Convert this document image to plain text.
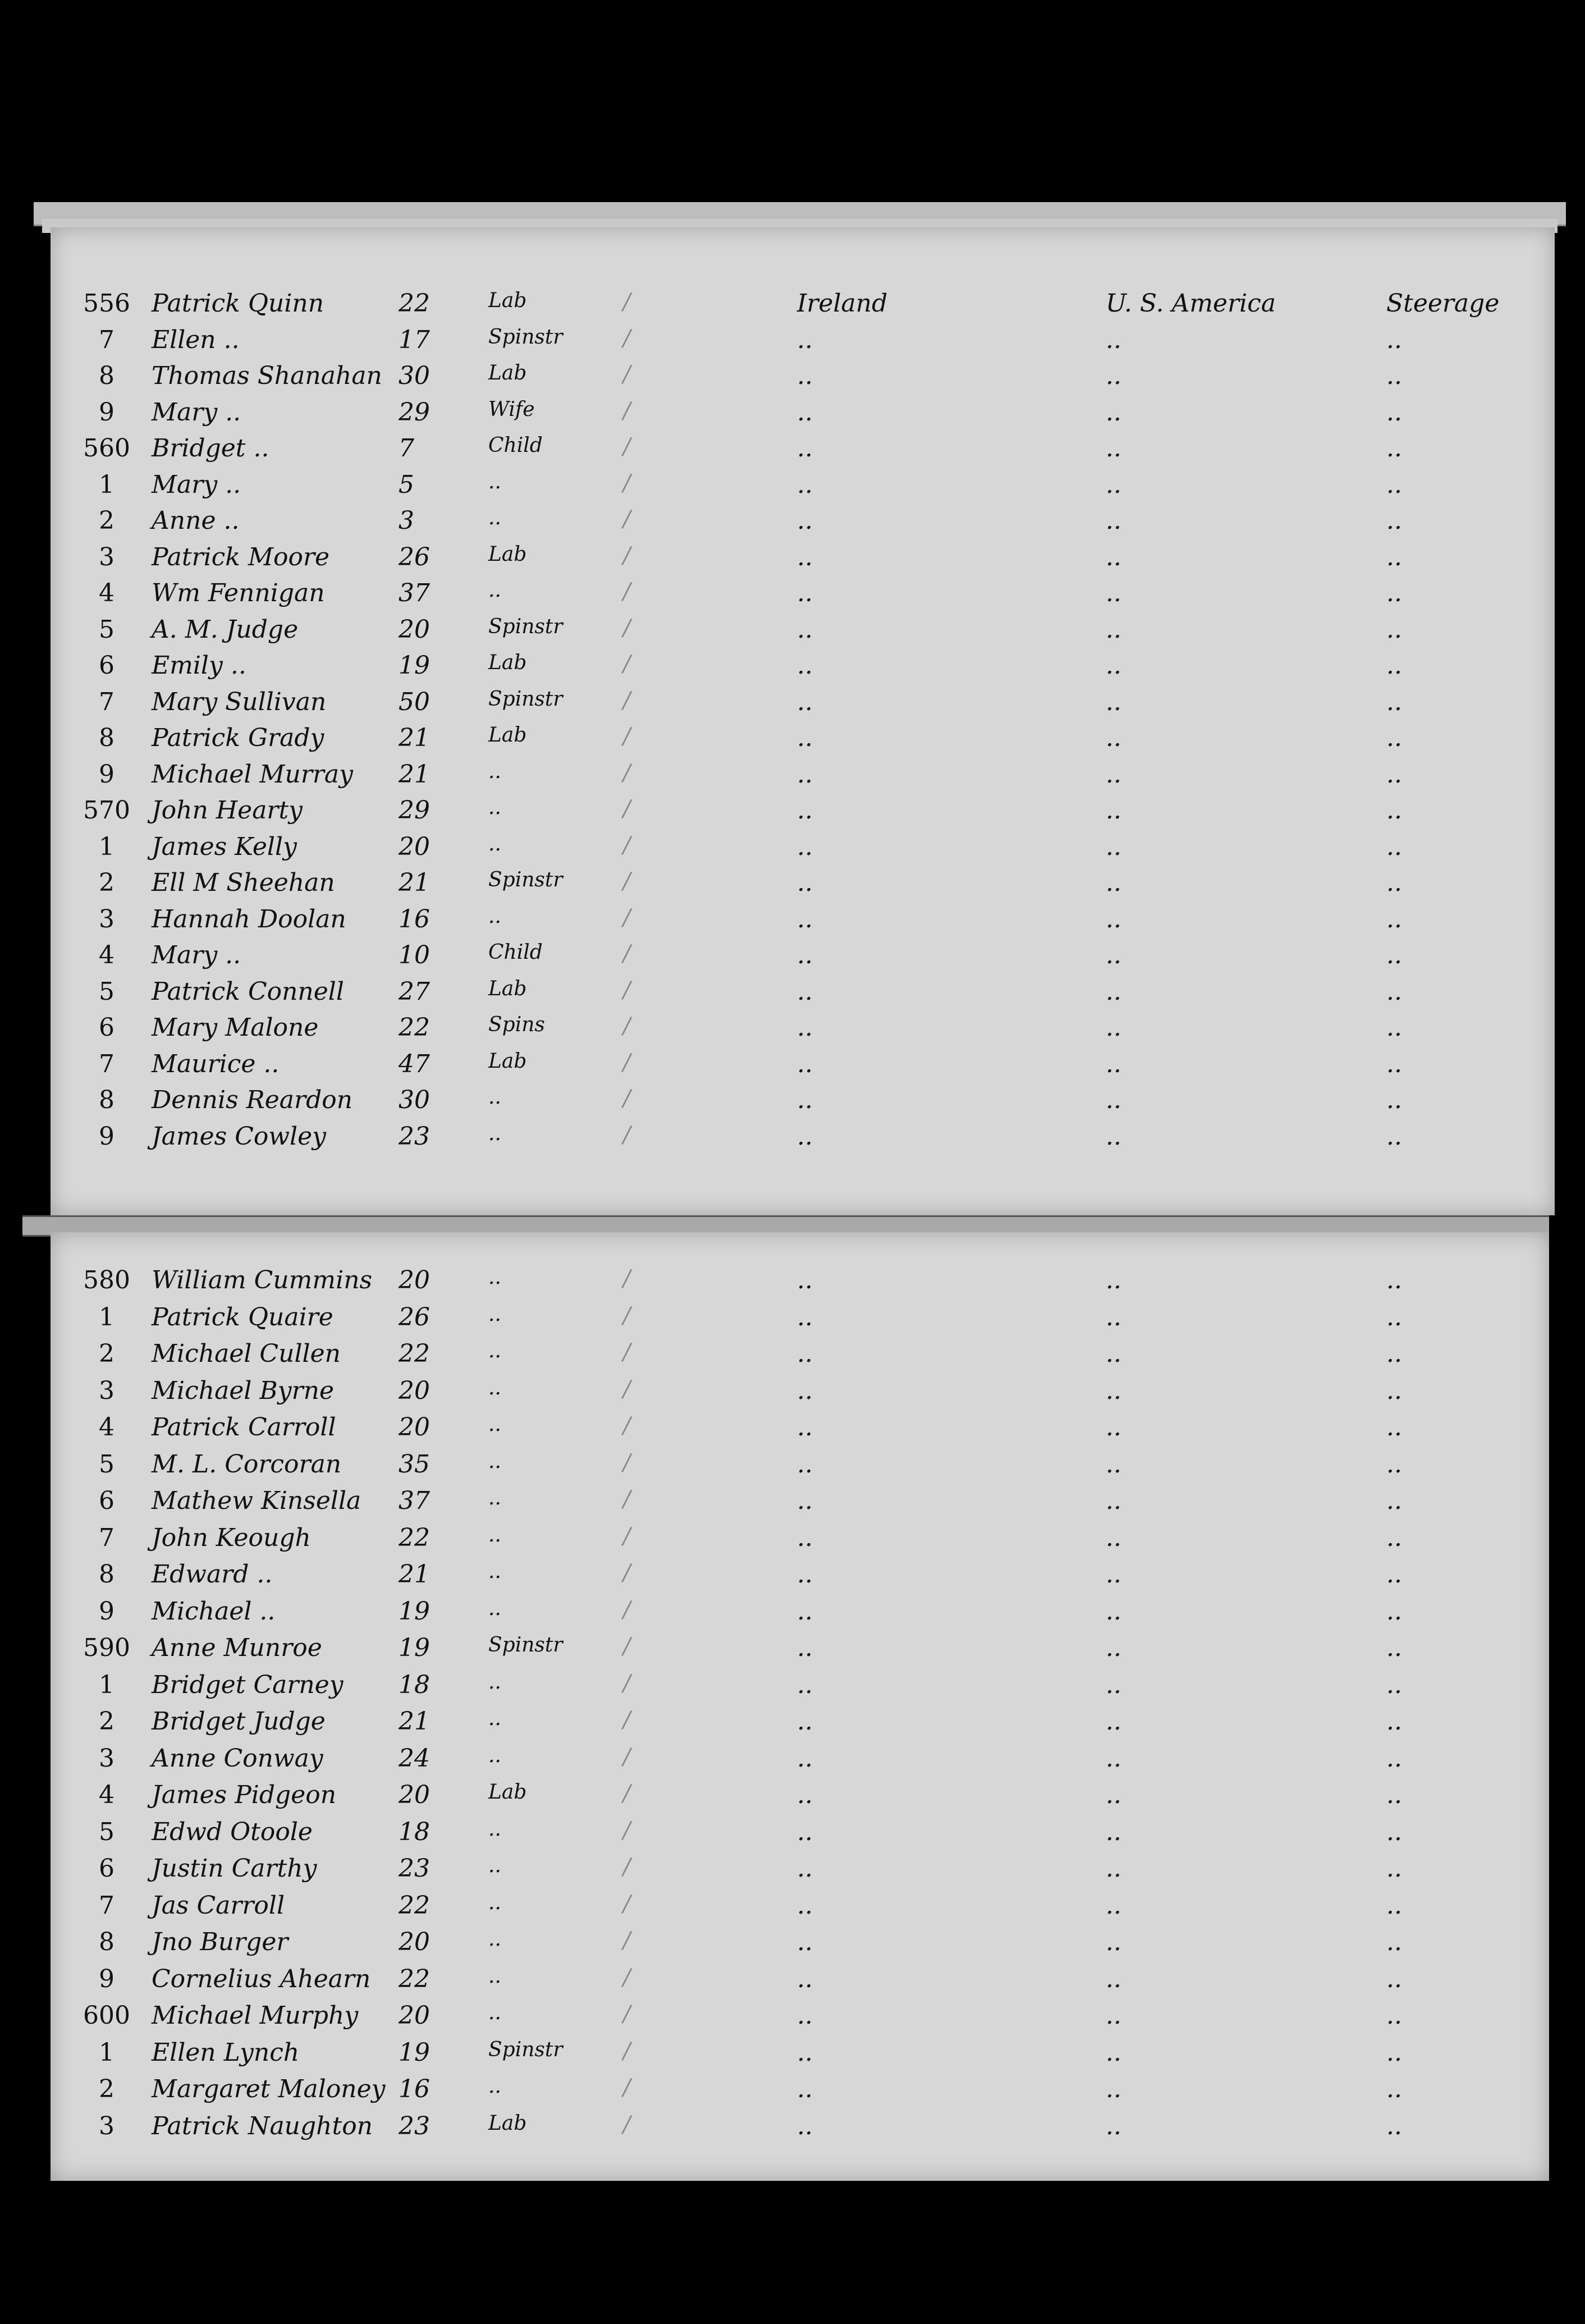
556 Patrick Quinn	22	Lab	/	Ireland	U. S. America	Steerage
7	Ellen ..	17	Spinstr	/	..	..	..
8	Thomas Shanahan 30	Lab	/	..	..	..
9	Mary ..	29	Wife	/	..	..	..
560 Bridget ..	7	Child	/	..	..	..
1	Mary ..	5	..	/	..	..	..
2	Anne ..	3	..	/	..	..	..
3	Patrick Moore	26	Lab	/	..	..	..
4	Wm Fennigan	37	..	/	..	..	..
5	A. M. Judge	20	Spinstr	/	..	..	..
6	Emily ..	19	Lab	/	..	..	..
7	Mary Sullivan	50	Spinstr	/	..	..	..
8	Patrick Grady	21	Lab	/	..	..	..
9	Michael Murray	21	..	/	..	..	..
570 John Hearty	29	..	/	..	..	..
1	James Kelly	20	..	/	..	..	..
2	Ell M Sheehan	21	Spinstr	/	..	..	..
3	Hannah Doolan	16	..	/	..	..	..
4	Mary ..	10	Child	/	..	..	..
5	Patrick Connell	27	Lab	/	..	..	..
6	Mary Malone	22	Spins	/	..	..	..
7	Maurice ..	47	Lab	/	..	..	..
8	Dennis Reardon	30	..	/	..	..	..
9	James Cowley	23	..	/	..	..	..
580 William Cummins	20	..	/	..	..	..
1	Patrick Quaire	26	..	/	..	..	..
2	Michael Cullen	22	..	/	..	..	..
3	Michael Byrne	20	..	/	..	..	..
4	Patrick Carroll	20	..	/	..	..	..
5	M. L. Corcoran	35	..	/	..	..	..
6	Mathew Kinsella	37	..	/	..	..	..
7	John Keough	22	..	/	..	..	..
8	Edward ..	21	..	/	..	..	..
9	Michael ..	19	..	/	..	..	..
590 Anne Munroe	19	Spinstr	/	..	..	..
1	Bridget Carney	18	..	/	..	..	..
2	Bridget Judge	21	..	/	..	..	..
3	Anne Conway	24	..	/	..	..	..
4	James Pidgeon	20	Lab	/	..	..	..
5	Edwd Otoole	18	..	/	..	..	..
6	Justin Carthy	23	..	/	..	..	..
7	Jas Carroll	22	..	/	..	..	..
8	Jno Burger	20	..	/	..	..	..
9	Cornelius Ahearn	22	..	/	..	..	..
600 Michael Murphy	20	..	/	..	..	..
1	Ellen Lynch	19	Spinstr	/	..	..	..
2	Margaret Maloney 16	..	/	..	..	..
3	Patrick Naughton	23	Lab	/	..	..	..
